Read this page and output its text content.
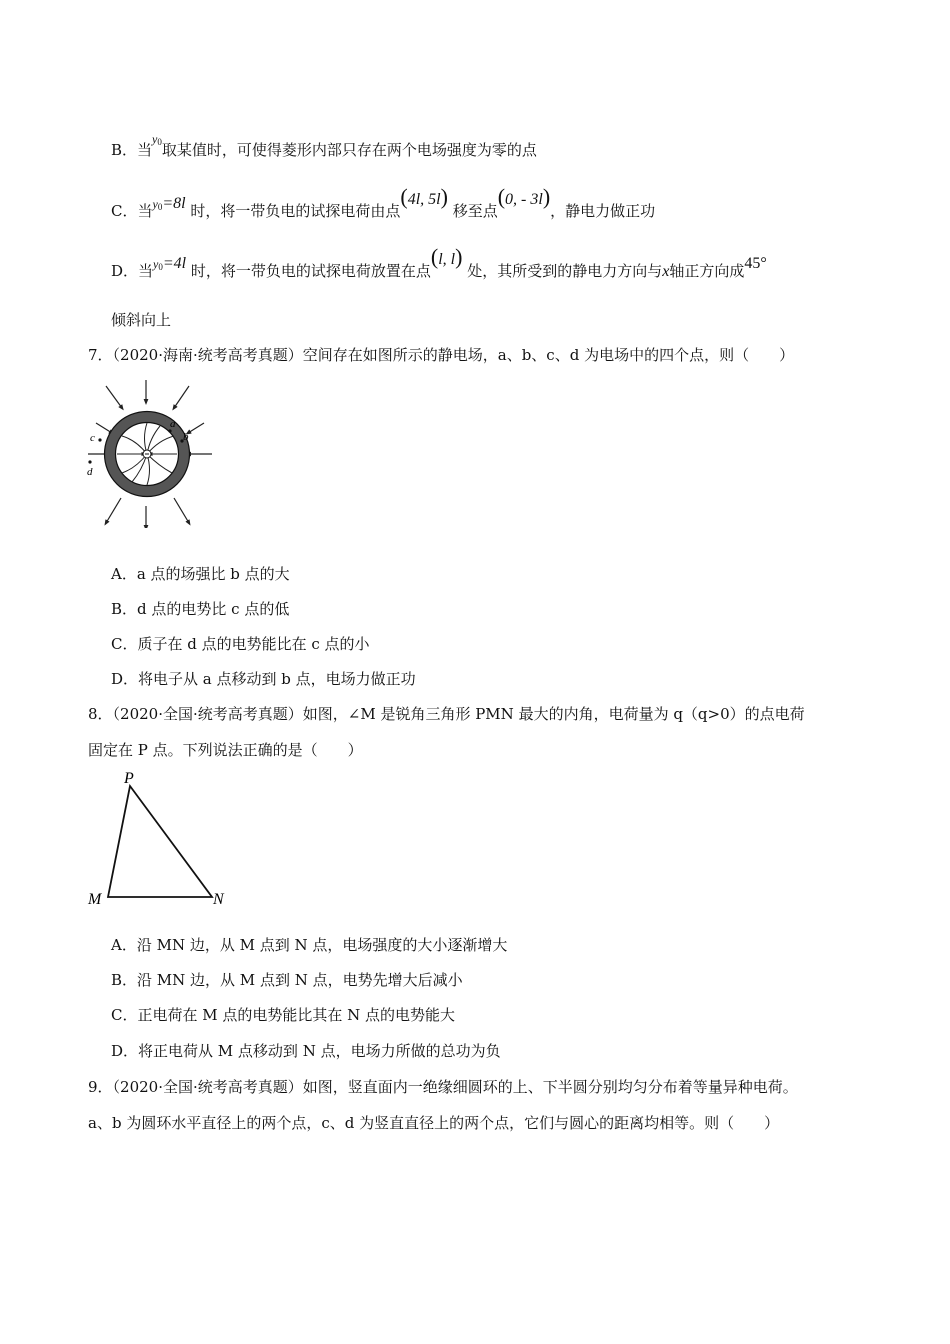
B．当$^{y0}$取某值时，可使得菱形内部只存在两个电场强度为零的点
C．当$^{y0}$=8l 时，将一带负电的试探电荷由点(4l, 5l) 移至点(0, - 3l)，静电力做正功
D．当$^{y0}$=4l 时，将一带负电的试探电荷放置在点(l, l) 处，其所受到的静电力方向与x轴正方向成45°
倾斜向上
7．（2020·海南·统考高考真题）空间存在如图所示的静电场，a、b、c、d 为电场中的四个点，则（　　）
a
b
c
d
A．a 点的场强比 b 点的大
B．d 点的电势比 c 点的低
C．质子在 d 点的电势能比在 c 点的小
D．将电子从 a 点移动到 b 点，电场力做正功
8．（2020·全国·统考高考真题）如图，∠M 是锐角三角形 PMN 最大的内角，电荷量为 q（q>0）的点电荷
固定在 P 点。下列说法正确的是（　　）
P
M	N
A．沿 MN 边，从 M 点到 N 点，电场强度的大小逐渐增大
B．沿 MN 边，从 M 点到 N 点，电势先增大后减小
C．正电荷在 M 点的电势能比其在 N 点的电势能大
D．将正电荷从 M 点移动到 N 点，电场力所做的总功为负
9．（2020·全国·统考高考真题）如图，竖直面内一绝缘细圆环的上、下半圆分别均匀分布着等量异种电荷。
a、b 为圆环水平直径上的两个点，c、d 为竖直直径上的两个点，它们与圆心的距离均相等。则（　　）
